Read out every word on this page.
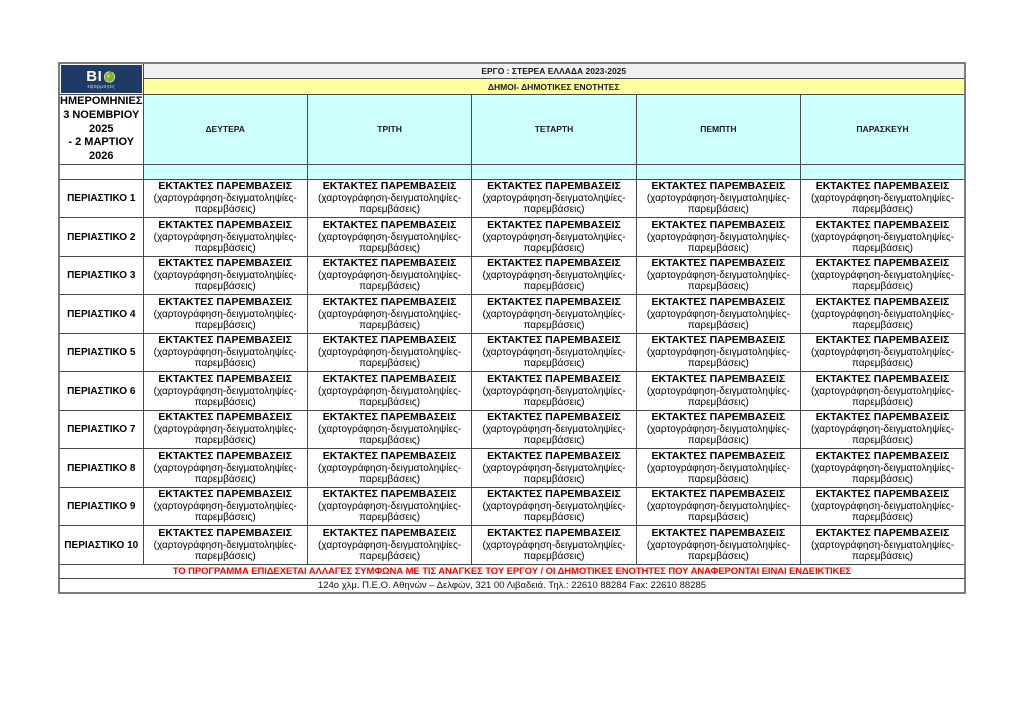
BI
εφαρμογές	ΕΡΓΟ : ΣΤΕΡΕΑ ΕΛΛΑΔΑ 2023-2025				
	ΔΗΜΟΙ- ΔΗΜΟΤΙΚΕΣ ΕΝΟΤΗΤΕΣ				

ΗΜΕΡΟΜΗΝΙΕΣ
3 ΝΟΕΜΒΡΙΟΥ 2025
- 2 ΜΑΡΤΙΟΥ 2026	ΔΕΥΤΕΡΑ	ΤΡΙΤΗ	ΤΕΤΑΡΤΗ	ΠΕΜΠΤΗ	ΠΑΡΑΣΚΕΥΗ

ΠΕΡΙΑΣΤΙΚΟ 1	
ΕΚΤΑΚΤΕΣ ΠΑΡΕΜΒΑΣΕΙΣ
(χαρτογράφηση-δειγματοληψίες-παρεμβάσεις)

ΕΚΤΑΚΤΕΣ ΠΑΡΕΜΒΑΣΕΙΣ
(χαρτογράφηση-δειγματοληψίες-παρεμβάσεις)

ΕΚΤΑΚΤΕΣ ΠΑΡΕΜΒΑΣΕΙΣ
(χαρτογράφηση-δειγματοληψίες-παρεμβάσεις)

ΕΚΤΑΚΤΕΣ ΠΑΡΕΜΒΑΣΕΙΣ
(χαρτογράφηση-δειγματοληψίες-παρεμβάσεις)

ΕΚΤΑΚΤΕΣ ΠΑΡΕΜΒΑΣΕΙΣ
(χαρτογράφηση-δειγματοληψίες-παρεμβάσεις)

ΠΕΡΙΑΣΤΙΚΟ 2	
ΕΚΤΑΚΤΕΣ ΠΑΡΕΜΒΑΣΕΙΣ
(χαρτογράφηση-δειγματοληψίες-παρεμβάσεις)

ΕΚΤΑΚΤΕΣ ΠΑΡΕΜΒΑΣΕΙΣ
(χαρτογράφηση-δειγματοληψίες-παρεμβάσεις)

ΕΚΤΑΚΤΕΣ ΠΑΡΕΜΒΑΣΕΙΣ
(χαρτογράφηση-δειγματοληψίες-παρεμβάσεις)

ΕΚΤΑΚΤΕΣ ΠΑΡΕΜΒΑΣΕΙΣ
(χαρτογράφηση-δειγματοληψίες-παρεμβάσεις)

ΕΚΤΑΚΤΕΣ ΠΑΡΕΜΒΑΣΕΙΣ
(χαρτογράφηση-δειγματοληψίες-παρεμβάσεις)

ΠΕΡΙΑΣΤΙΚΟ 3	
ΕΚΤΑΚΤΕΣ ΠΑΡΕΜΒΑΣΕΙΣ
(χαρτογράφηση-δειγματοληψίες-παρεμβάσεις)

ΕΚΤΑΚΤΕΣ ΠΑΡΕΜΒΑΣΕΙΣ
(χαρτογράφηση-δειγματοληψίες-παρεμβάσεις)

ΕΚΤΑΚΤΕΣ ΠΑΡΕΜΒΑΣΕΙΣ
(χαρτογράφηση-δειγματοληψίες-παρεμβάσεις)

ΕΚΤΑΚΤΕΣ ΠΑΡΕΜΒΑΣΕΙΣ
(χαρτογράφηση-δειγματοληψίες-παρεμβάσεις)

ΕΚΤΑΚΤΕΣ ΠΑΡΕΜΒΑΣΕΙΣ
(χαρτογράφηση-δειγματοληψίες-παρεμβάσεις)

ΠΕΡΙΑΣΤΙΚΟ 4	
ΕΚΤΑΚΤΕΣ ΠΑΡΕΜΒΑΣΕΙΣ
(χαρτογράφηση-δειγματοληψίες-παρεμβάσεις)

ΕΚΤΑΚΤΕΣ ΠΑΡΕΜΒΑΣΕΙΣ
(χαρτογράφηση-δειγματοληψίες-παρεμβάσεις)

ΕΚΤΑΚΤΕΣ ΠΑΡΕΜΒΑΣΕΙΣ
(χαρτογράφηση-δειγματοληψίες-παρεμβάσεις)

ΕΚΤΑΚΤΕΣ ΠΑΡΕΜΒΑΣΕΙΣ
(χαρτογράφηση-δειγματοληψίες-παρεμβάσεις)

ΕΚΤΑΚΤΕΣ ΠΑΡΕΜΒΑΣΕΙΣ
(χαρτογράφηση-δειγματοληψίες-παρεμβάσεις)

ΠΕΡΙΑΣΤΙΚΟ 5	
ΕΚΤΑΚΤΕΣ ΠΑΡΕΜΒΑΣΕΙΣ
(χαρτογράφηση-δειγματοληψίες-παρεμβάσεις)

ΕΚΤΑΚΤΕΣ ΠΑΡΕΜΒΑΣΕΙΣ
(χαρτογράφηση-δειγματοληψίες-παρεμβάσεις)

ΕΚΤΑΚΤΕΣ ΠΑΡΕΜΒΑΣΕΙΣ
(χαρτογράφηση-δειγματοληψίες-παρεμβάσεις)

ΕΚΤΑΚΤΕΣ ΠΑΡΕΜΒΑΣΕΙΣ
(χαρτογράφηση-δειγματοληψίες-παρεμβάσεις)

ΕΚΤΑΚΤΕΣ ΠΑΡΕΜΒΑΣΕΙΣ
(χαρτογράφηση-δειγματοληψίες-παρεμβάσεις)

ΠΕΡΙΑΣΤΙΚΟ 6	
ΕΚΤΑΚΤΕΣ ΠΑΡΕΜΒΑΣΕΙΣ
(χαρτογράφηση-δειγματοληψίες-παρεμβάσεις)

ΕΚΤΑΚΤΕΣ ΠΑΡΕΜΒΑΣΕΙΣ
(χαρτογράφηση-δειγματοληψίες-παρεμβάσεις)

ΕΚΤΑΚΤΕΣ ΠΑΡΕΜΒΑΣΕΙΣ
(χαρτογράφηση-δειγματοληψίες-παρεμβάσεις)

ΕΚΤΑΚΤΕΣ ΠΑΡΕΜΒΑΣΕΙΣ
(χαρτογράφηση-δειγματοληψίες-παρεμβάσεις)

ΕΚΤΑΚΤΕΣ ΠΑΡΕΜΒΑΣΕΙΣ
(χαρτογράφηση-δειγματοληψίες-παρεμβάσεις)

ΠΕΡΙΑΣΤΙΚΟ 7	
ΕΚΤΑΚΤΕΣ ΠΑΡΕΜΒΑΣΕΙΣ
(χαρτογράφηση-δειγματοληψίες-παρεμβάσεις)

ΕΚΤΑΚΤΕΣ ΠΑΡΕΜΒΑΣΕΙΣ
(χαρτογράφηση-δειγματοληψίες-παρεμβάσεις)

ΕΚΤΑΚΤΕΣ ΠΑΡΕΜΒΑΣΕΙΣ
(χαρτογράφηση-δειγματοληψίες-παρεμβάσεις)

ΕΚΤΑΚΤΕΣ ΠΑΡΕΜΒΑΣΕΙΣ
(χαρτογράφηση-δειγματοληψίες-παρεμβάσεις)

ΕΚΤΑΚΤΕΣ ΠΑΡΕΜΒΑΣΕΙΣ
(χαρτογράφηση-δειγματοληψίες-παρεμβάσεις)

ΠΕΡΙΑΣΤΙΚΟ 8	
ΕΚΤΑΚΤΕΣ ΠΑΡΕΜΒΑΣΕΙΣ
(χαρτογράφηση-δειγματοληψίες-παρεμβάσεις)

ΕΚΤΑΚΤΕΣ ΠΑΡΕΜΒΑΣΕΙΣ
(χαρτογράφηση-δειγματοληψίες-παρεμβάσεις)

ΕΚΤΑΚΤΕΣ ΠΑΡΕΜΒΑΣΕΙΣ
(χαρτογράφηση-δειγματοληψίες-παρεμβάσεις)

ΕΚΤΑΚΤΕΣ ΠΑΡΕΜΒΑΣΕΙΣ
(χαρτογράφηση-δειγματοληψίες-παρεμβάσεις)

ΕΚΤΑΚΤΕΣ ΠΑΡΕΜΒΑΣΕΙΣ
(χαρτογράφηση-δειγματοληψίες-παρεμβάσεις)

ΠΕΡΙΑΣΤΙΚΟ 9	
ΕΚΤΑΚΤΕΣ ΠΑΡΕΜΒΑΣΕΙΣ
(χαρτογράφηση-δειγματοληψίες-παρεμβάσεις)

ΕΚΤΑΚΤΕΣ ΠΑΡΕΜΒΑΣΕΙΣ
(χαρτογράφηση-δειγματοληψίες-παρεμβάσεις)

ΕΚΤΑΚΤΕΣ ΠΑΡΕΜΒΑΣΕΙΣ
(χαρτογράφηση-δειγματοληψίες-παρεμβάσεις)

ΕΚΤΑΚΤΕΣ ΠΑΡΕΜΒΑΣΕΙΣ
(χαρτογράφηση-δειγματοληψίες-παρεμβάσεις)

ΕΚΤΑΚΤΕΣ ΠΑΡΕΜΒΑΣΕΙΣ
(χαρτογράφηση-δειγματοληψίες-παρεμβάσεις)

ΠΕΡΙΑΣΤΙΚΟ 10	
ΕΚΤΑΚΤΕΣ ΠΑΡΕΜΒΑΣΕΙΣ
(χαρτογράφηση-δειγματοληψίες-παρεμβάσεις)

ΕΚΤΑΚΤΕΣ ΠΑΡΕΜΒΑΣΕΙΣ
(χαρτογράφηση-δειγματοληψίες-παρεμβάσεις)

ΕΚΤΑΚΤΕΣ ΠΑΡΕΜΒΑΣΕΙΣ
(χαρτογράφηση-δειγματοληψίες-παρεμβάσεις)

ΕΚΤΑΚΤΕΣ ΠΑΡΕΜΒΑΣΕΙΣ
(χαρτογράφηση-δειγματοληψίες-παρεμβάσεις)

ΕΚΤΑΚΤΕΣ ΠΑΡΕΜΒΑΣΕΙΣ
(χαρτογράφηση-δειγματοληψίες-παρεμβάσεις)

ΤΟ ΠΡΟΓΡΑΜΜΑ ΕΠΙΔΕΧΕΤΑΙ ΑΛΛΑΓΕΣ ΣΥΜΦΩΝΑ ΜΕ ΤΙΣ ΑΝΑΓΚΕΣ ΤΟΥ ΕΡΓΟΥ / ΟΙ ΔΗΜΟΤΙΚΕΣ ΕΝΟΤΗΤΕΣ ΠΟΥ ΑΝΑΦΕΡΟΝΤΑΙ ΕΙΝΑΙ ΕΝΔΕΙΚΤΙΚΕΣ					
124ο χλμ. Π.Ε.Ο. Αθηνών – Δελφών, 321 00 Λιβαδειά. Τηλ.: 22610 88284 Fax: 22610 88285					
